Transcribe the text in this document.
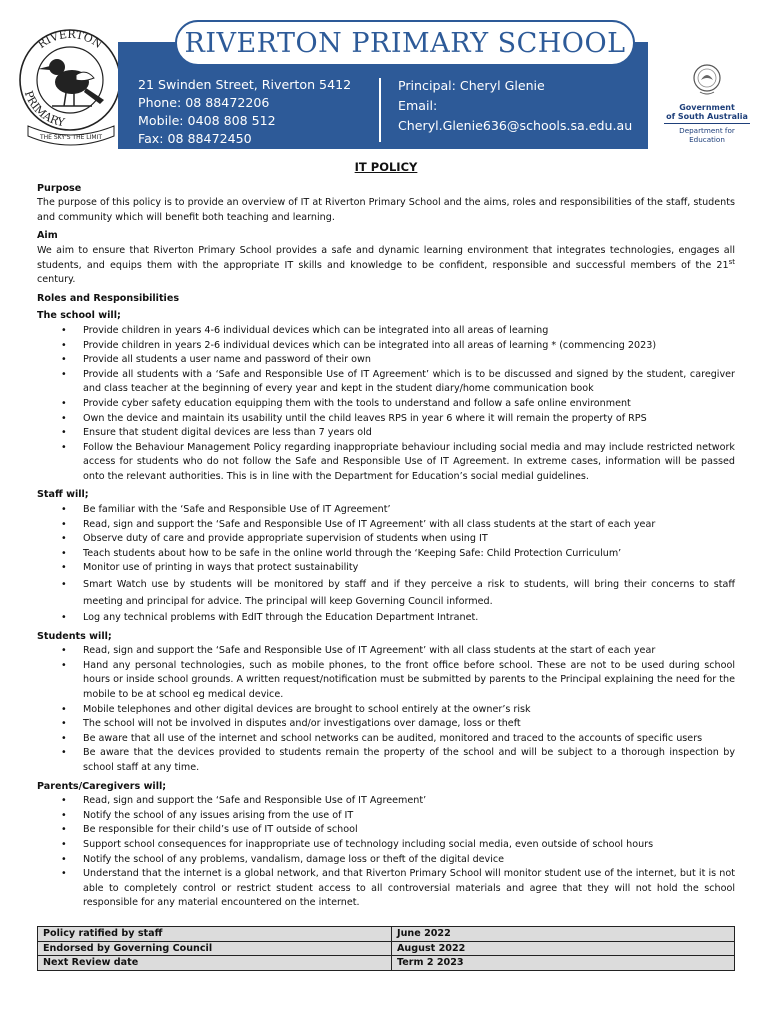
RIVERTON
PRIMARY
THE SKY'S THE LIMIT
RIVERTON PRIMARY SCHOOL
21 Swinden Street, Riverton 5412
Phone: 08 88472206
Mobile: 0408 808 512
Fax: 08 88472450
Principal: Cheryl Glenie
Email:
Cheryl.Glenie636@schools.sa.edu.au
Government
of South Australia
Department for Education
IT POLICY
Purpose
The purpose of this policy is to provide an overview of IT at Riverton Primary School and the aims, roles and responsibilities of the staff, students and community which will benefit both teaching and learning.
Aim
We aim to ensure that Riverton Primary School provides a safe and dynamic learning environment that integrates technologies, engages all students, and equips them with the appropriate IT skills and knowledge to be confident, responsible and successful members of the 21st century.
Roles and Responsibilities
The school will;
• Provide children in years 4-6 individual devices which can be integrated into all areas of learning
• Provide children in years 2-6 individual devices which can be integrated into all areas of learning * (commencing 2023)
• Provide all students a user name and password of their own
• Provide all students with a ‘Safe and Responsible Use of IT Agreement’ which is to be discussed and signed by the student, caregiver and class teacher at the beginning of every year and kept in the student diary/home communication book
• Provide cyber safety education equipping them with the tools to understand and follow a safe online environment
• Own the device and maintain its usability until the child leaves RPS in year 6 where it will remain the property of RPS
• Ensure that student digital devices are less than 7 years old
• Follow the Behaviour Management Policy regarding inappropriate behaviour including social media and may include restricted network access for students who do not follow the Safe and Responsible Use of IT Agreement. In extreme cases, information will be passed onto the relevant authorities. This is in line with the Department for Education’s social medial guidelines.
Staff will;
• Be familiar with the ‘Safe and Responsible Use of IT Agreement’
• Read, sign and support the ‘Safe and Responsible Use of IT Agreement’ with all class students at the start of each year
• Observe duty of care and provide appropriate supervision of students when using IT
• Teach students about how to be safe in the online world through the ‘Keeping Safe: Child Protection Curriculum’
• Monitor use of printing in ways that protect sustainability
• Smart Watch use by students will be monitored by staff and if they perceive a risk to students, will bring their concerns to staff meeting and principal for advice. The principal will keep Governing Council informed.
• Log any technical problems with EdIT through the Education Department Intranet.
Students will;
• Read, sign and support the ‘Safe and Responsible Use of IT Agreement’ with all class students at the start of each year
• Hand any personal technologies, such as mobile phones, to the front office before school. These are not to be used during school hours or inside school grounds. A written request/notification must be submitted by parents to the Principal explaining the need for the mobile to be at school eg medical device.
• Mobile telephones and other digital devices are brought to school entirely at the owner’s risk
• The school will not be involved in disputes and/or investigations over damage, loss or theft
• Be aware that all use of the internet and school networks can be audited, monitored and traced to the accounts of specific users
• Be aware that the devices provided to students remain the property of the school and will be subject to a thorough inspection by school staff at any time.
Parents/Caregivers will;
• Read, sign and support the ‘Safe and Responsible Use of IT Agreement’
• Notify the school of any issues arising from the use of IT
• Be responsible for their child’s use of IT outside of school
• Support school consequences for inappropriate use of technology including social media, even outside of school hours
• Notify the school of any problems, vandalism, damage loss or theft of the digital device
• Understand that the internet is a global network, and that Riverton Primary School will monitor student use of the internet, but it is not able to completely control or restrict student access to all controversial materials and agree that they will not hold the school responsible for any material encountered on the internet.
Policy ratified by staff	June 2022
Endorsed by Governing Council	August 2022
Next Review date	Term 2 2023
